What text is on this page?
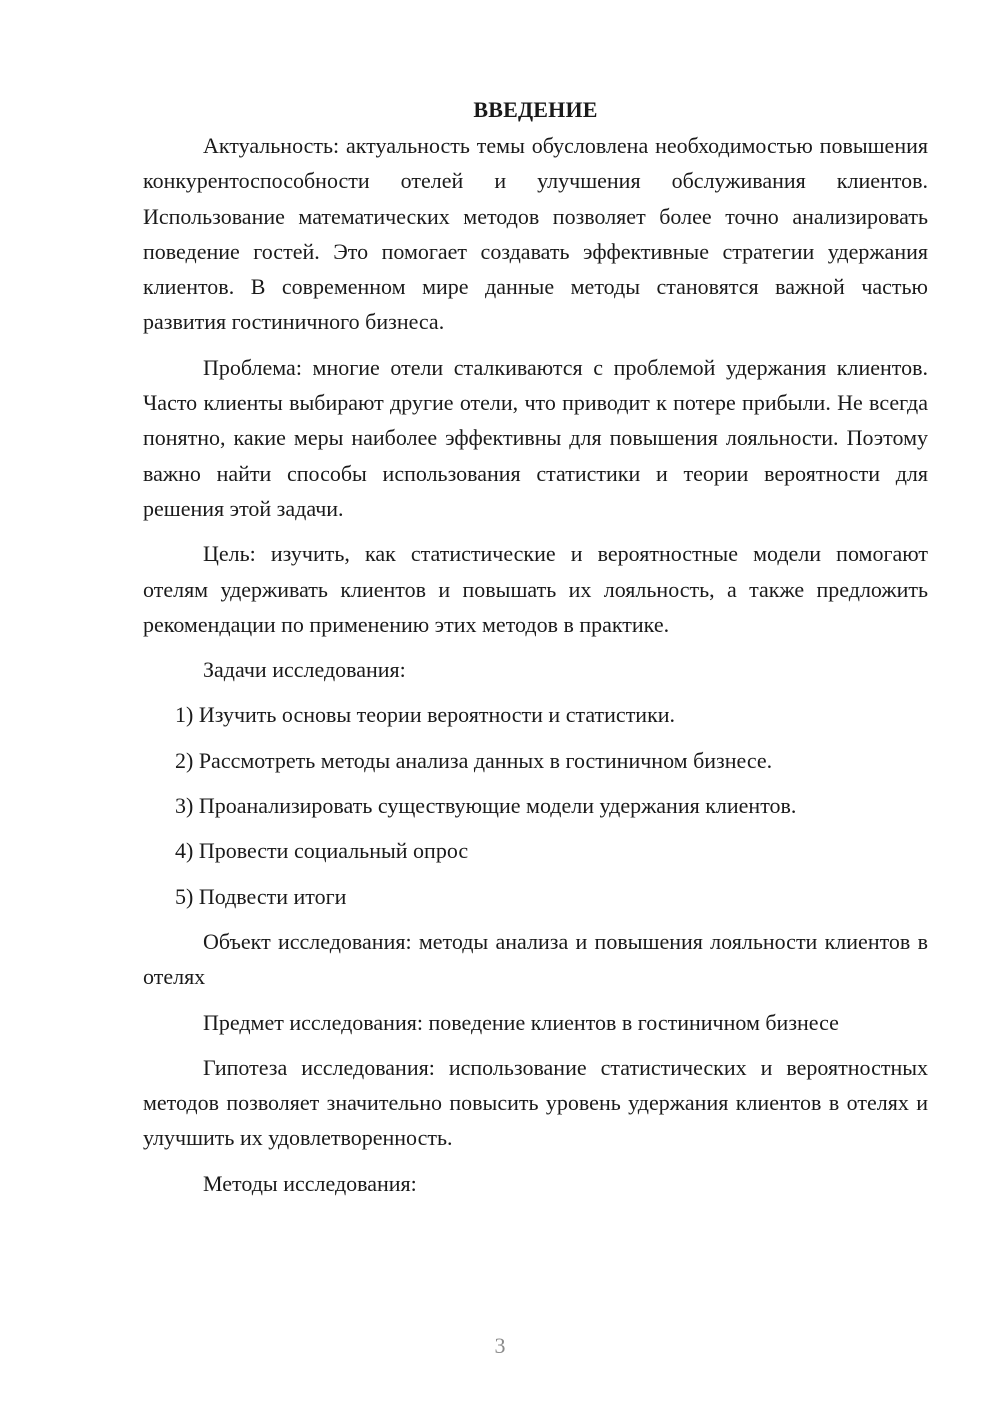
ВВЕДЕНИЕ

Актуальность: актуальность темы обусловлена необходимостью повышения конкурентоспособности отелей и улучшения обслуживания клиентов. Использование математических методов позволяет более точно анализировать поведение гостей. Это помогает создавать эффективные стратегии удержания клиентов. В современном мире данные методы становятся важной частью развития гостиничного бизнеса.

Проблема: многие отели сталкиваются с проблемой удержания клиентов. Часто клиенты выбирают другие отели, что приводит к потере прибыли. Не всегда понятно, какие меры наиболее эффективны для повышения лояльности. Поэтому важно найти способы использования статистики и теории вероятности для решения этой задачи.

Цель: изучить, как статистические и вероятностные модели помогают отелям удерживать клиентов и повышать их лояльность, а также предложить рекомендации по применению этих методов в практике.

Задачи исследования:

1) Изучить основы теории вероятности и статистики.
2) Рассмотреть методы анализа данных в гостиничном бизнесе.
3) Проанализировать существующие модели удержания клиентов.
4) Провести социальный опрос
5) Подвести итоги

Объект исследования: методы анализа и повышения лояльности клиентов в отелях

Предмет исследования: поведение клиентов в гостиничном бизнесе

Гипотеза исследования: использование статистических и вероятностных методов позволяет значительно повысить уровень удержания клиентов в отелях и улучшить их удовлетворенность.

Методы исследования:

3
